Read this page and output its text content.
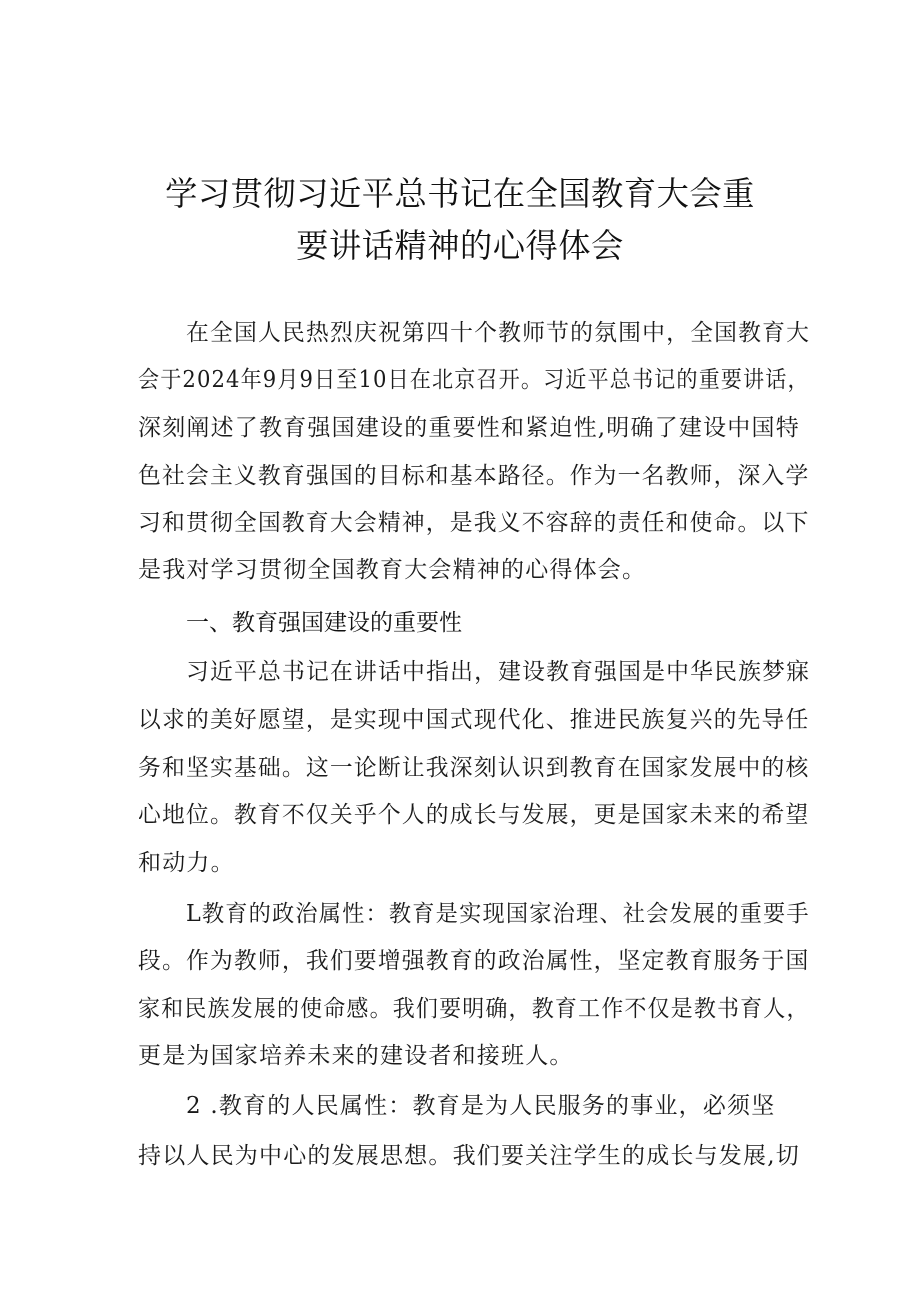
学习贯彻习近平总书记在全国教育大会重
要讲话精神的心得体会
在全国人民热烈庆祝第四十个教师节的氛围中，全国教育大
会于2024年9月9日至10日在北京召开。习近平总书记的重要讲话，
深刻阐述了教育强国建设的重要性和紧迫性,明确了建设中国特
色社会主义教育强国的目标和基本路径。作为一名教师，深入学
习和贯彻全国教育大会精神，是我义不容辞的责任和使命。以下
是我对学习贯彻全国教育大会精神的心得体会。
一、教育强国建设的重要性
习近平总书记在讲话中指出，建设教育强国是中华民族梦寐
以求的美好愿望，是实现中国式现代化、推进民族复兴的先导任
务和坚实基础。这一论断让我深刻认识到教育在国家发展中的核
心地位。教育不仅关乎个人的成长与发展，更是国家未来的希望
和动力。
L教育的政治属性：教育是实现国家治理、社会发展的重要手
段。作为教师，我们要增强教育的政治属性，坚定教育服务于国
家和民族发展的使命感。我们要明确，教育工作不仅是教书育人，
更是为国家培养未来的建设者和接班人。
2 .教育的人民属性：教育是为人民服务的事业，必须坚
持以人民为中心的发展思想。我们要关注学生的成长与发展,切
